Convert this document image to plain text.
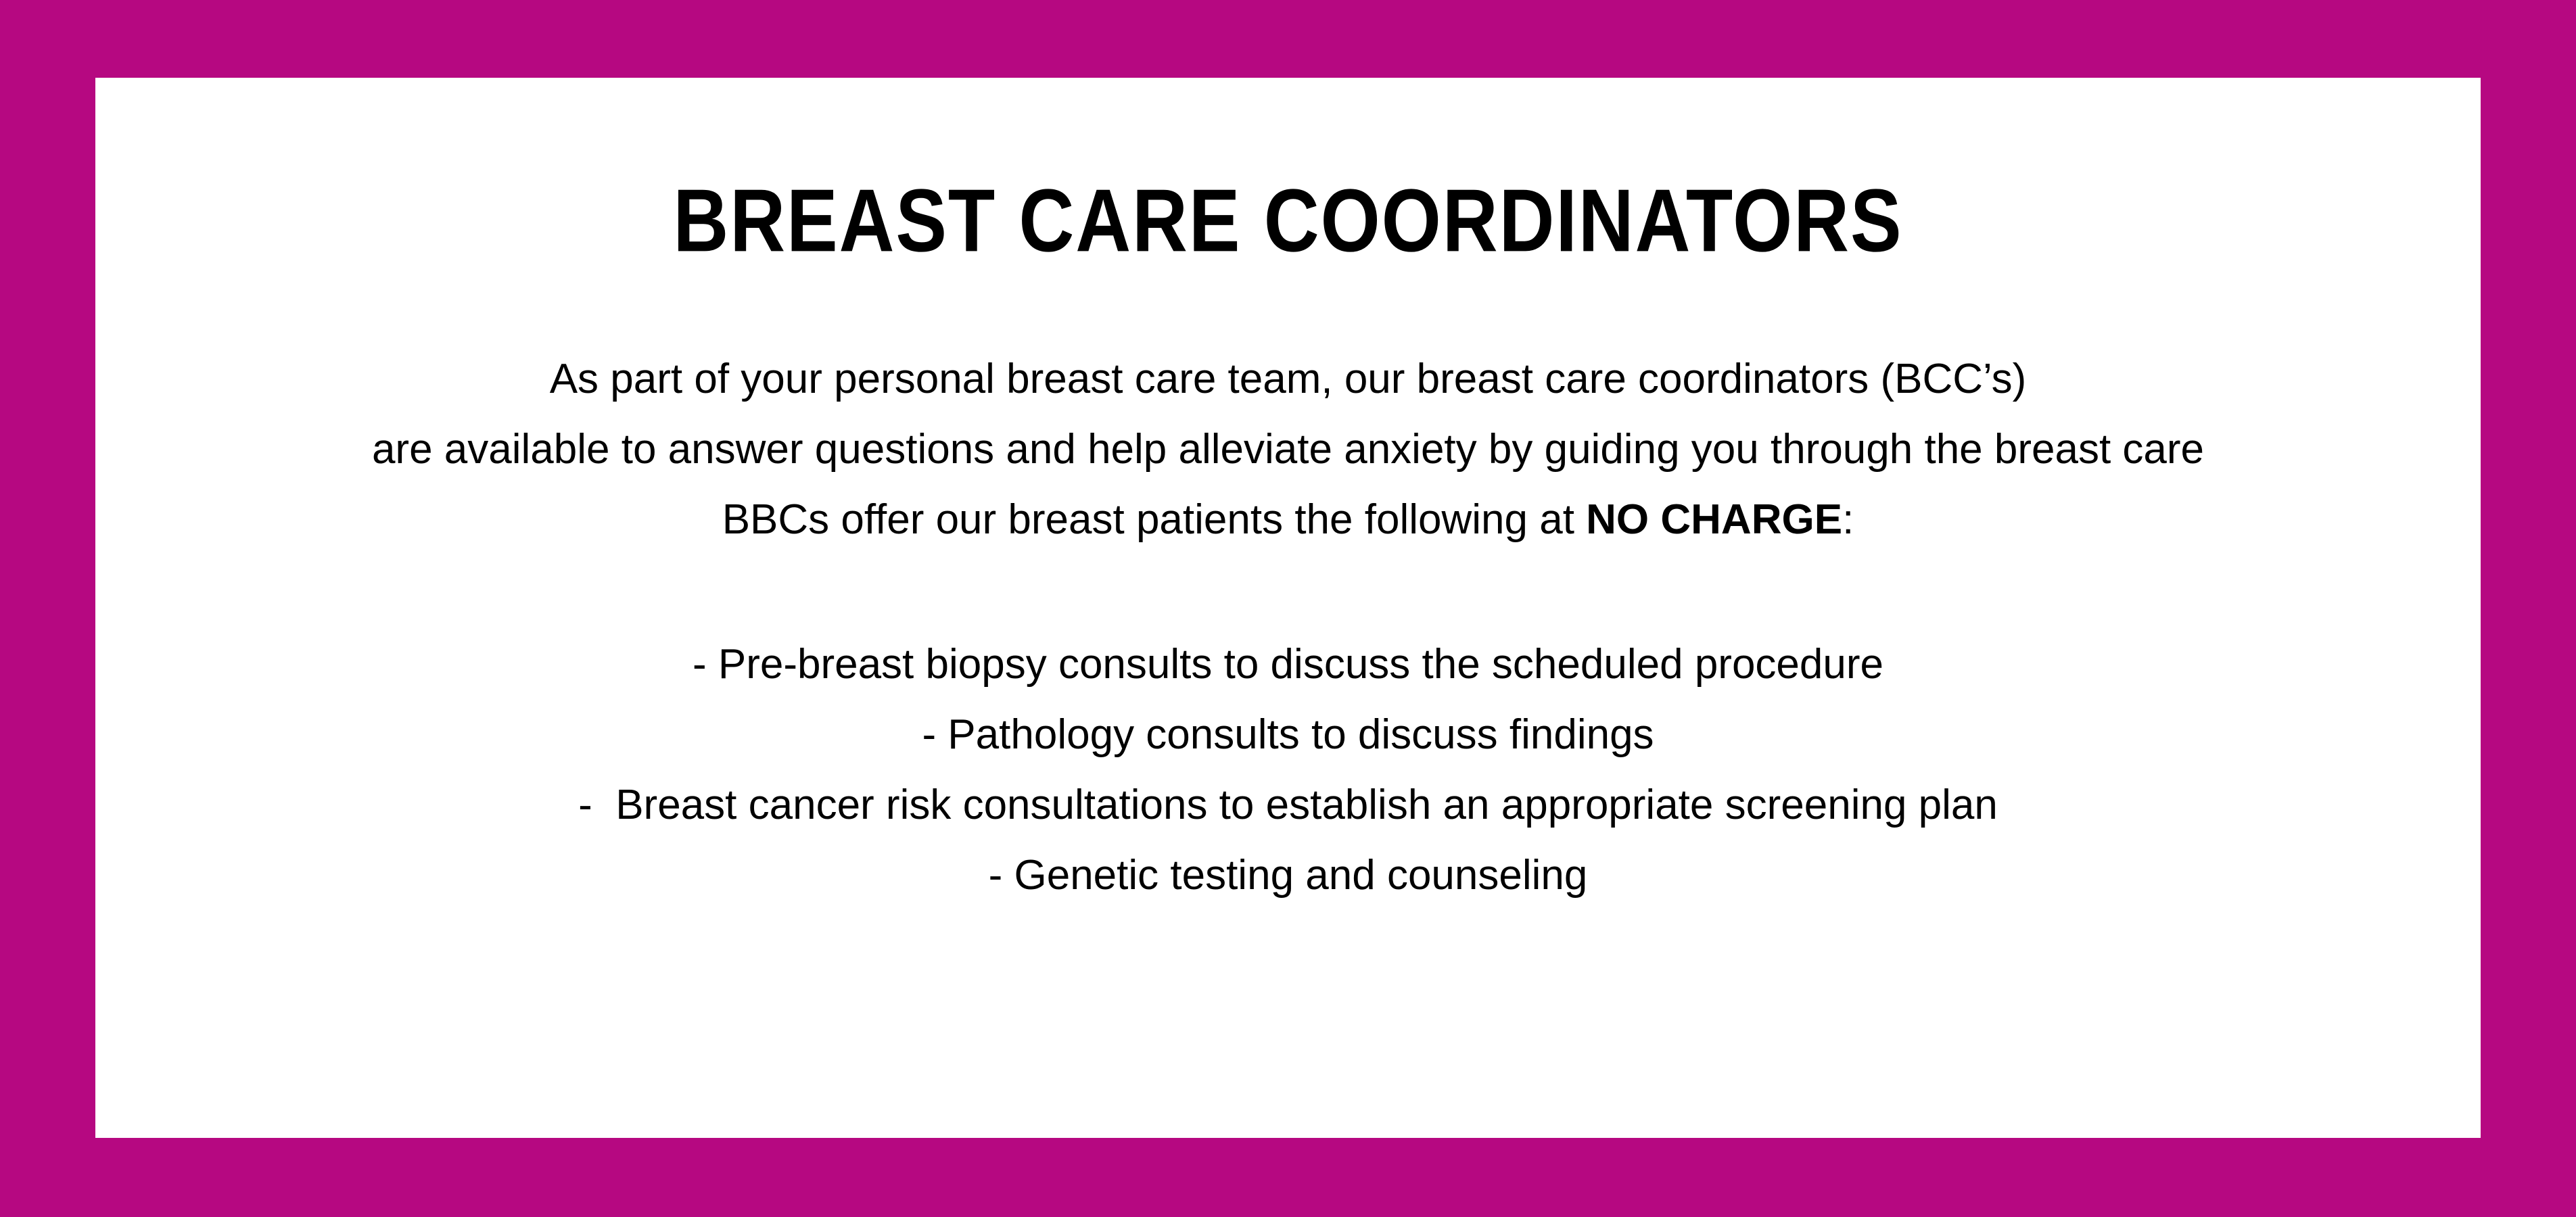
BREAST CARE COORDINATORS
As part of your personal breast care team, our breast care coordinators (BCC’s)
are available to answer questions and help alleviate anxiety by guiding you through the breast care
BBCs offer our breast patients the following at NO CHARGE:
- Pre-breast biopsy consults to discuss the scheduled procedure
- Pathology consults to discuss findings
-  Breast cancer risk consultations to establish an appropriate screening plan
- Genetic testing and counseling
